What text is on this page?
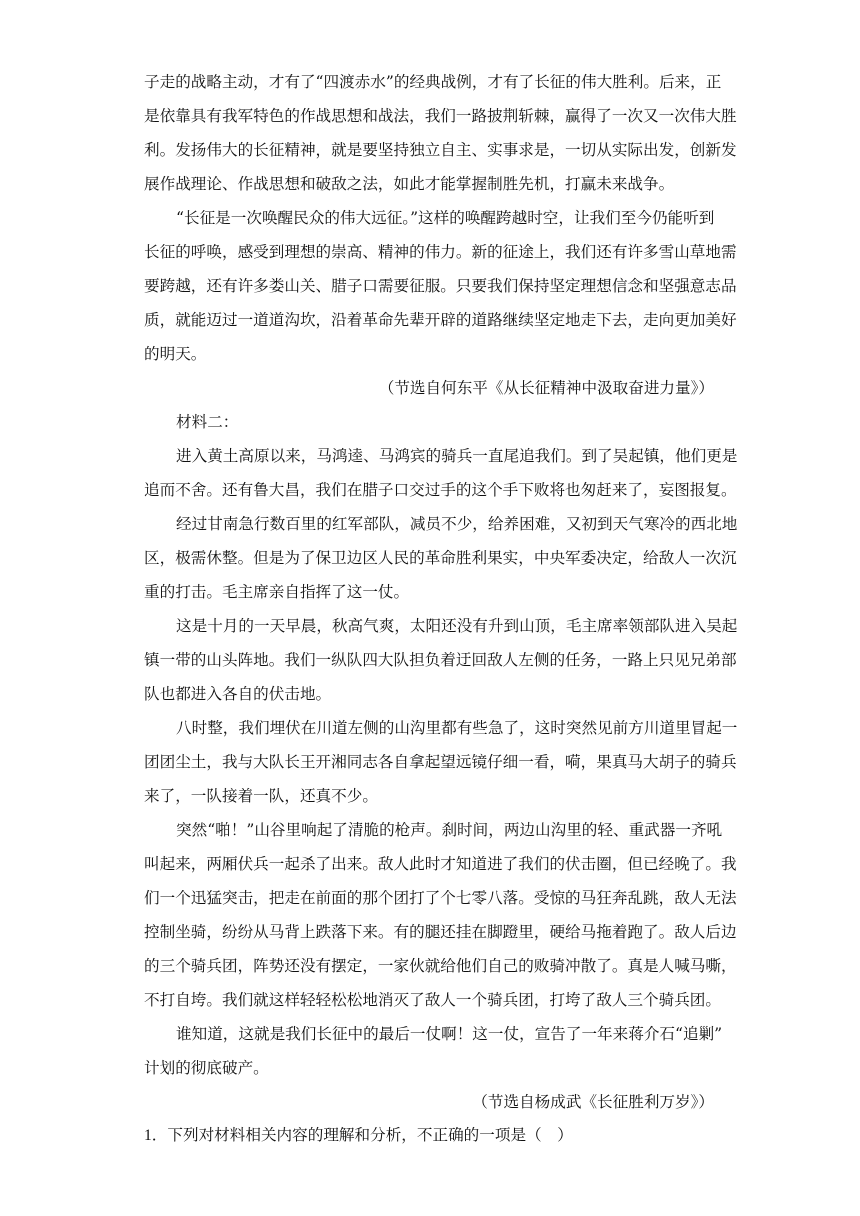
子走的战略主动，才有了“四渡赤水”的经典战例，才有了长征的伟大胜利。后来，正
是依靠具有我军特色的作战思想和战法，我们一路披荆斩棘，赢得了一次又一次伟大胜
利。发扬伟大的长征精神，就是要坚持独立自主、实事求是，一切从实际出发，创新发
展作战理论、作战思想和破敌之法，如此才能掌握制胜先机，打赢未来战争。
“长征是一次唤醒民众的伟大远征。”这样的唤醒跨越时空，让我们至今仍能听到
长征的呼唤，感受到理想的崇高、精神的伟力。新的征途上，我们还有许多雪山草地需
要跨越，还有许多娄山关、腊子口需要征服。只要我们保持坚定理想信念和坚强意志品
质，就能迈过一道道沟坎，沿着革命先辈开辟的道路继续坚定地走下去，走向更加美好
的明天。
（节选自何东平《从长征精神中汲取奋进力量》）
材料二：
进入黄土高原以来，马鸿逵、马鸿宾的骑兵一直尾追我们。到了吴起镇，他们更是
追而不舍。还有鲁大昌，我们在腊子口交过手的这个手下败将也匆赶来了，妄图报复。
经过甘南急行数百里的红军部队，减员不少，给养困难，又初到天气寒冷的西北地
区，极需休整。但是为了保卫边区人民的革命胜利果实，中央军委决定，给敌人一次沉
重的打击。毛主席亲自指挥了这一仗。
这是十月的一天早晨，秋高气爽，太阳还没有升到山顶，毛主席率领部队进入吴起
镇一带的山头阵地。我们一纵队四大队担负着迂回敌人左侧的任务，一路上只见兄弟部
队也都进入各自的伏击地。
八时整，我们埋伏在川道左侧的山沟里都有些急了，这时突然见前方川道里冒起一
团团尘土，我与大队长王开湘同志各自拿起望远镜仔细一看，嗬，果真马大胡子的骑兵
来了，一队接着一队，还真不少。
突然“啪！”山谷里响起了清脆的枪声。刹时间，两边山沟里的轻、重武器一齐吼
叫起来，两厢伏兵一起杀了出来。敌人此时才知道进了我们的伏击圈，但已经晚了。我
们一个迅猛突击，把走在前面的那个团打了个七零八落。受惊的马狂奔乱跳，敌人无法
控制坐骑，纷纷从马背上跌落下来。有的腿还挂在脚蹬里，硬给马拖着跑了。敌人后边
的三个骑兵团，阵势还没有摆定，一家伙就给他们自己的败骑冲散了。真是人喊马嘶，
不打自垮。我们就这样轻轻松松地消灭了敌人一个骑兵团，打垮了敌人三个骑兵团。
谁知道，这就是我们长征中的最后一仗啊！这一仗，宣告了一年来蒋介石“追剿”
计划的彻底破产。
（节选自杨成武《长征胜利万岁》）
1．下列对材料相关内容的理解和分析，不正确的一项是（　）
